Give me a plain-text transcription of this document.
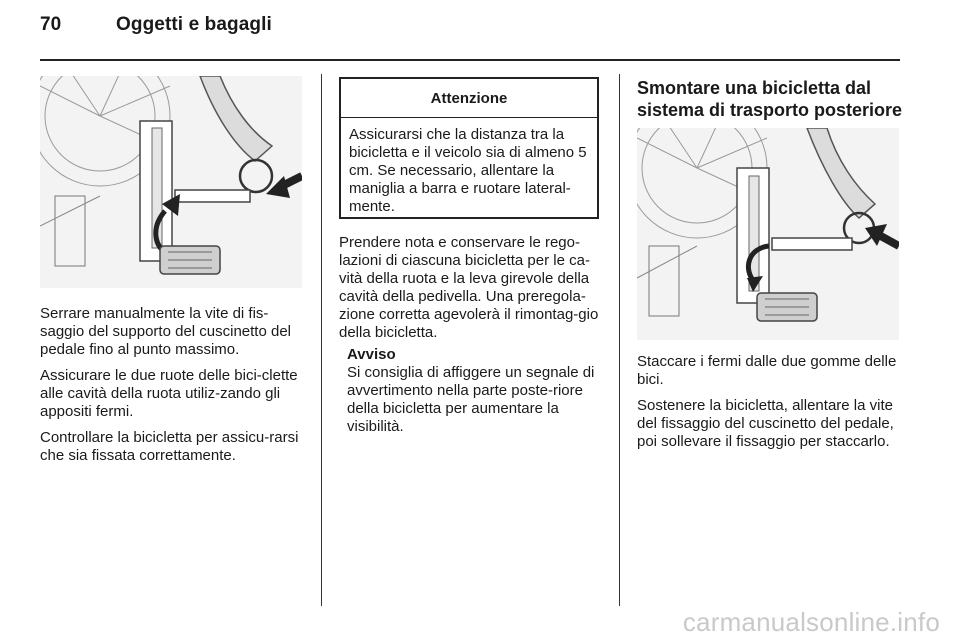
70	Oggetti e bagagli

Serrare manualmente la vite di fis-saggio del supporto del cuscinetto del pedale fino al punto massimo.

Assicurare le due ruote delle bici-clette alle cavità della ruota utiliz-zando gli appositi fermi.

Controllare la bicicletta per assicu-rarsi che sia fissata correttamente.

Attenzione
Assicurarsi che la distanza tra la bicicletta e il veicolo sia di almeno 5 cm. Se necessario, allentare la maniglia a barra e ruotare lateral-mente.

Prendere nota e conservare le rego-lazioni di ciascuna bicicletta per le ca-vità della ruota e la leva girevole della cavità della pedivella. Una preregola-zione corretta agevolerà il rimontag-gio della bicicletta.

Avviso

Si consiglia di affiggere un segnale di avvertimento nella parte poste-riore della bicicletta per aumentare la visibilità.

Smontare una bicicletta dal sistema di trasporto posteriore

Staccare i fermi dalle due gomme delle bici.

Sostenere la bicicletta, allentare la vite del fissaggio del cuscinetto del pedale, poi sollevare il fissaggio per staccarlo.

carmanualsonline.info
